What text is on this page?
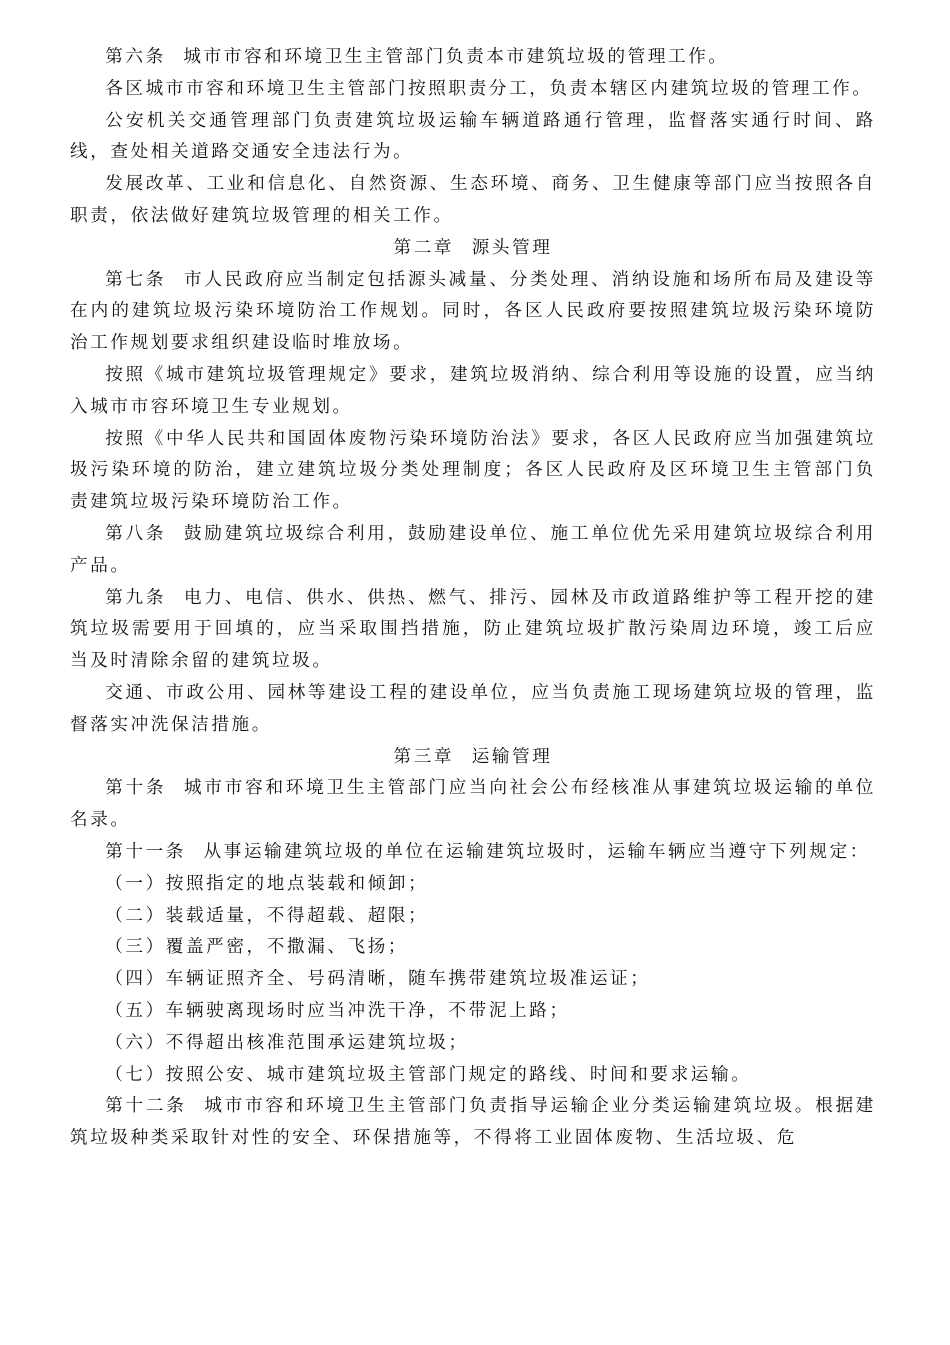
第六条 城市市容和环境卫生主管部门负责本市建筑垃圾的管理工作。

各区城市市容和环境卫生主管部门按照职责分工，负责本辖区内建筑垃圾的管理工作。

公安机关交通管理部门负责建筑垃圾运输车辆道路通行管理，监督落实通行时间、路线，查处相关道路交通安全违法行为。

发展改革、工业和信息化、自然资源、生态环境、商务、卫生健康等部门应当按照各自职责，依法做好建筑垃圾管理的相关工作。

第二章 源头管理

第七条 市人民政府应当制定包括源头减量、分类处理、消纳设施和场所布局及建设等在内的建筑垃圾污染环境防治工作规划。同时，各区人民政府要按照建筑垃圾污染环境防治工作规划要求组织建设临时堆放场。

按照《城市建筑垃圾管理规定》要求，建筑垃圾消纳、综合利用等设施的设置，应当纳入城市市容环境卫生专业规划。

按照《中华人民共和国固体废物污染环境防治法》要求，各区人民政府应当加强建筑垃圾污染环境的防治，建立建筑垃圾分类处理制度；各区人民政府及区环境卫生主管部门负责建筑垃圾污染环境防治工作。

第八条 鼓励建筑垃圾综合利用，鼓励建设单位、施工单位优先采用建筑垃圾综合利用产品。

第九条 电力、电信、供水、供热、燃气、排污、园林及市政道路维护等工程开挖的建筑垃圾需要用于回填的，应当采取围挡措施，防止建筑垃圾扩散污染周边环境，竣工后应当及时清除余留的建筑垃圾。

交通、市政公用、园林等建设工程的建设单位，应当负责施工现场建筑垃圾的管理，监督落实冲洗保洁措施。

第三章 运输管理

第十条 城市市容和环境卫生主管部门应当向社会公布经核准从事建筑垃圾运输的单位名录。

第十一条 从事运输建筑垃圾的单位在运输建筑垃圾时，运输车辆应当遵守下列规定：

（一）按照指定的地点装载和倾卸；

（二）装载适量，不得超载、超限；

（三）覆盖严密，不撒漏、飞扬；

（四）车辆证照齐全、号码清晰，随车携带建筑垃圾准运证；

（五）车辆驶离现场时应当冲洗干净，不带泥上路；

（六）不得超出核准范围承运建筑垃圾；

（七）按照公安、城市建筑垃圾主管部门规定的路线、时间和要求运输。

第十二条 城市市容和环境卫生主管部门负责指导运输企业分类运输建筑垃圾。根据建筑垃圾种类采取针对性的安全、环保措施等，不得将工业固体废物、生活垃圾、危
